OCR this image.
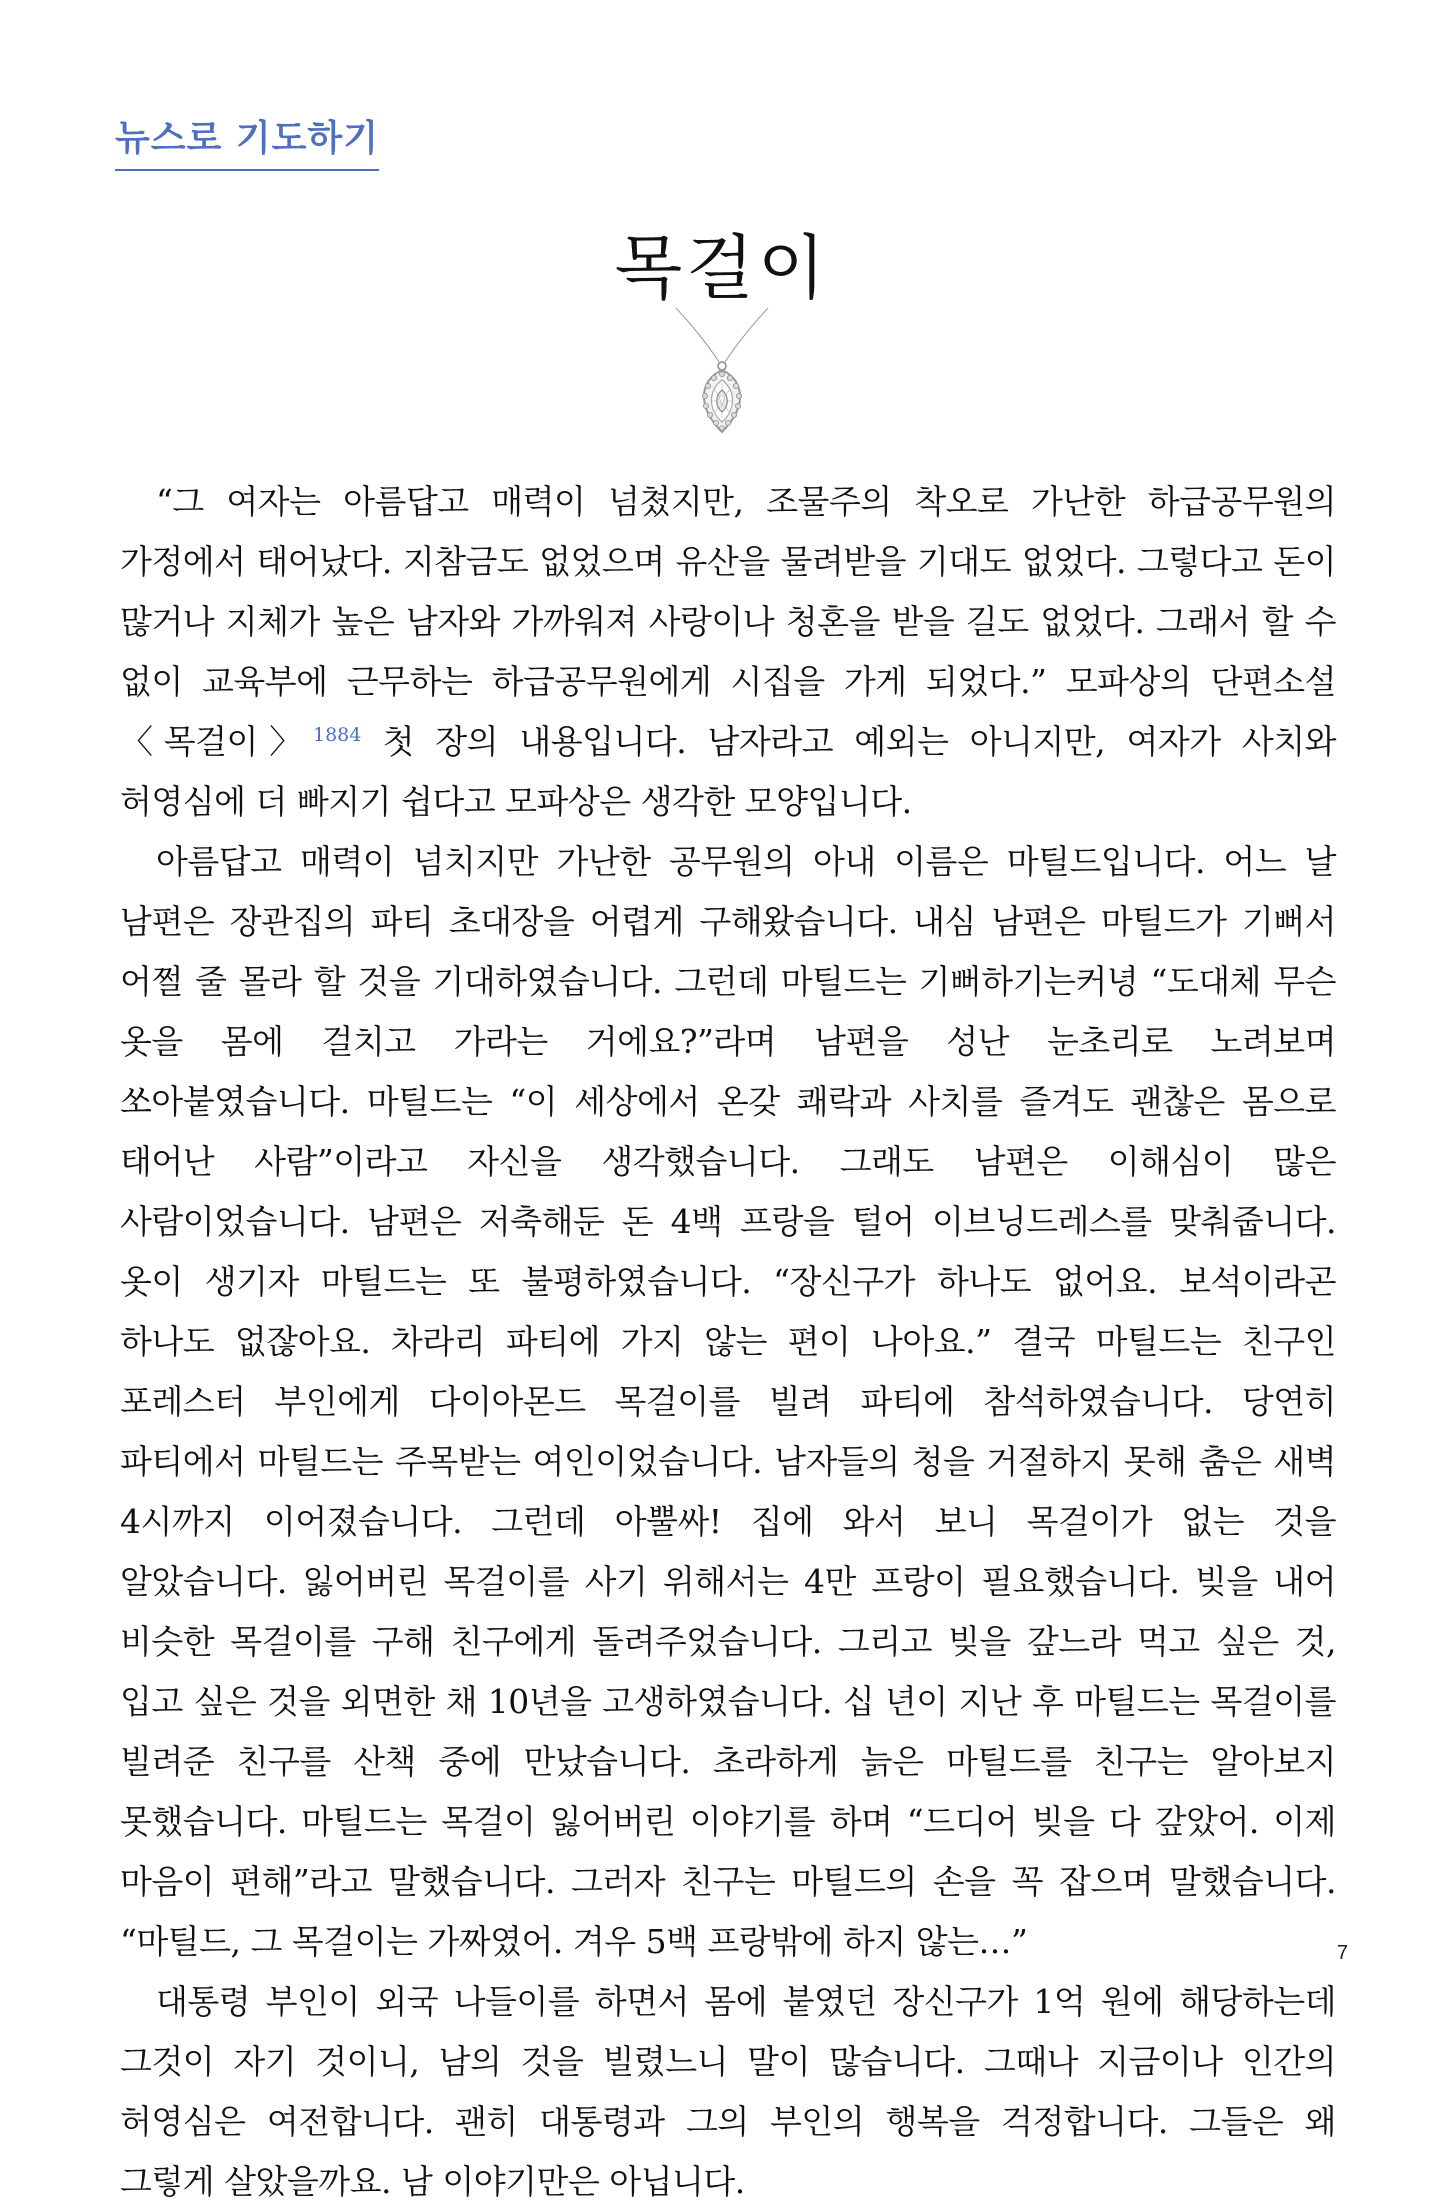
뉴스로 기도하기
목걸이

“그 여자는 아름답고 매력이 넘쳤지만, 조물주의 착오로 가난한 하급공무원의 가정에서 태어났다. 지참금도 없었으며 유산을 물려받을 기대도 없었다. 그렇다고 돈이 많거나 지체가 높은 남자와 가까워져 사랑이나 청혼을 받을 길도 없었다. 그래서 할 수 없이 교육부에 근무하는 하급공무원에게 시집을 가게 되었다.” 모파상의 단편소설 〈목걸이〉$^{1884}$ 첫 장의 내용입니다. 남자라고 예외는 아니지만, 여자가 사치와 허영심에 더 빠지기 쉽다고 모파상은 생각한 모양입니다.

아름답고 매력이 넘치지만 가난한 공무원의 아내 이름은 마틸드입니다. 어느 날 남편은 장관집의 파티 초대장을 어렵게 구해왔습니다. 내심 남편은 마틸드가 기뻐서 어쩔 줄 몰라 할 것을 기대하였습니다. 그런데 마틸드는 기뻐하기는커녕 “도대체 무슨 옷을 몸에 걸치고 가라는 거에요?”라며 남편을 성난 눈초리로 노려보며 쏘아붙였습니다. 마틸드는 “이 세상에서 온갖 쾌락과 사치를 즐겨도 괜찮은 몸으로 태어난 사람”이라고 자신을 생각했습니다. 그래도 남편은 이해심이 많은 사람이었습니다. 남편은 저축해둔 돈 4백 프랑을 털어 이브닝드레스를 맞춰줍니다. 옷이 생기자 마틸드는 또 불평하였습니다. “장신구가 하나도 없어요. 보석이라곤 하나도 없잖아요. 차라리 파티에 가지 않는 편이 나아요.” 결국 마틸드는 친구인 포레스터 부인에게 다이아몬드 목걸이를 빌려 파티에 참석하였습니다. 당연히 파티에서 마틸드는 주목받는 여인이었습니다. 남자들의 청을 거절하지 못해 춤은 새벽 4시까지 이어졌습니다. 그런데 아뿔싸! 집에 와서 보니 목걸이가 없는 것을 알았습니다. 잃어버린 목걸이를 사기 위해서는 4만 프랑이 필요했습니다. 빚을 내어 비슷한 목걸이를 구해 친구에게 돌려주었습니다. 그리고 빚을 갚느라 먹고 싶은 것, 입고 싶은 것을 외면한 채 10년을 고생하였습니다. 십 년이 지난 후 마틸드는 목걸이를 빌려준 친구를 산책 중에 만났습니다. 초라하게 늙은 마틸드를 친구는 알아보지 못했습니다. 마틸드는 목걸이 잃어버린 이야기를 하며 “드디어 빚을 다 갚았어. 이제 마음이 편해”라고 말했습니다. 그러자 친구는 마틸드의 손을 꼭 잡으며 말했습니다. “마틸드, 그 목걸이는 가짜였어. 겨우 5백 프랑밖에 하지 않는…”

대통령 부인이 외국 나들이를 하면서 몸에 붙였던 장신구가 1억 원에 해당하는데 그것이 자기 것이니, 남의 것을 빌렸느니 말이 많습니다. 그때나 지금이나 인간의 허영심은 여전합니다. 괜히 대통령과 그의 부인의 행복을 걱정합니다. 그들은 왜 그렇게 살았을까요. 남 이야기만은 아닙니다.

7
